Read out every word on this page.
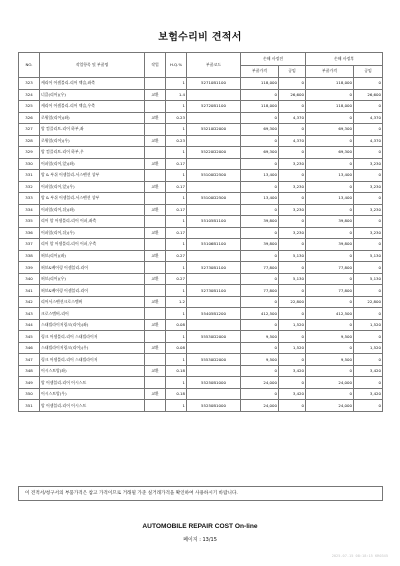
보험수리비 견적서
NO.	작업항목 및 부품명	작업	H.Q.%	부품코드	손해 사정전		손해 사정후	
					부품가격	공임	부품가격	공임
323	캐리어 어셈블리-리어 액슬,좌측		1	52710B1100	118,000	0	118,000	0
324	너클(리어)(우)	교환	1.4		0	26,600	0	26,600
325	캐리어 어셈블리-리어 액슬,우측		1	52720B1100	118,000	0	118,000	0
326	로워암(리어)(좌)	교환	0.23		0	4,370	0	4,370
327	암 컴플리트-리어 하부,좌		1	55210D2000	69,300	0	69,300	0
328	로워암(리어)(우)	교환	0.23		0	4,370	0	4,370
329	암 컴플리트-리어 하부,우		1	55220D2000	69,300	0	69,300	0
330	어퍼암(리어,앞)(좌)	교환	0.17		0	3,230	0	3,230
331	암 & 부쉬 어셈블리-서스펜션 상부		1	55100D2500	13,400	0	13,400	0
332	어퍼암(리어,앞)(우)	교환	0.17		0	3,230	0	3,230
333	암 & 부쉬 어셈블리-서스펜션 상부		1	55100D2500	13,400	0	13,400	0
334	어퍼암(리어,뒤)(좌)	교환	0.17		0	3,230	0	3,230
335	리어 암 어셈블리-리어 어퍼,좌측		1	55105B1100	39,800	0	39,800	0
336	어퍼암(리어,뒤)(우)	교환	0.17		0	3,230	0	3,230
337	리어 암 어셈블리-리어 어퍼,우측		1	55106B1100	39,800	0	39,800	0
338	허브(리어)(좌)	교환	0.27		0	5,130	0	5,130
339	허브&베어링 어셈블리-리어		1	52730B1100	77,800	0	77,800	0
340	허브(리어)(우)	교환	0.27		0	5,130	0	5,130
341	허브&베어링 어셈블리-리어		1	52730B1100	77,800	0	77,800	0
342	리어서스펜션크로스멤버	교환	1.2		0	22,800	0	22,800
343	크로스멤버-리어		1	55405B1200	412,500	0	412,500	0
344	스태빌라이저링크(리어)(좌)	교환	0.08		0	1,520	0	1,520
345	링크 어셈블리-리어 스태빌라이저		1	55530D2000	9,500	0	9,500	0
346	스태빌라이저링크(리어)(우)	교환	0.08		0	1,520	0	1,520
347	링크 어셈블리-리어 스태빌라이저		1	55530D2000	9,500	0	9,500	0
348	어시스트암(좌)	교환	0.18		0	3,420	0	3,420
349	암 어셈블리-리어 어시스트		1	55250B1000	24,000	0	24,000	0
350	어시스트암(우)	교환	0.18		0	3,420	0	3,420
351	암 어셈블리-리어 어시스트		1	55250B1000	24,000	0	24,000	0
이 견적서/청구서의 부품가격은 참고 가격이므로 거래될 가준 실거래가격을 확인하여 사용하시기 바랍니다.
AUTOMOBILE REPAIR COST On-line
페이지 : 13/15
2025-07-15 08:18:15 KR0345
